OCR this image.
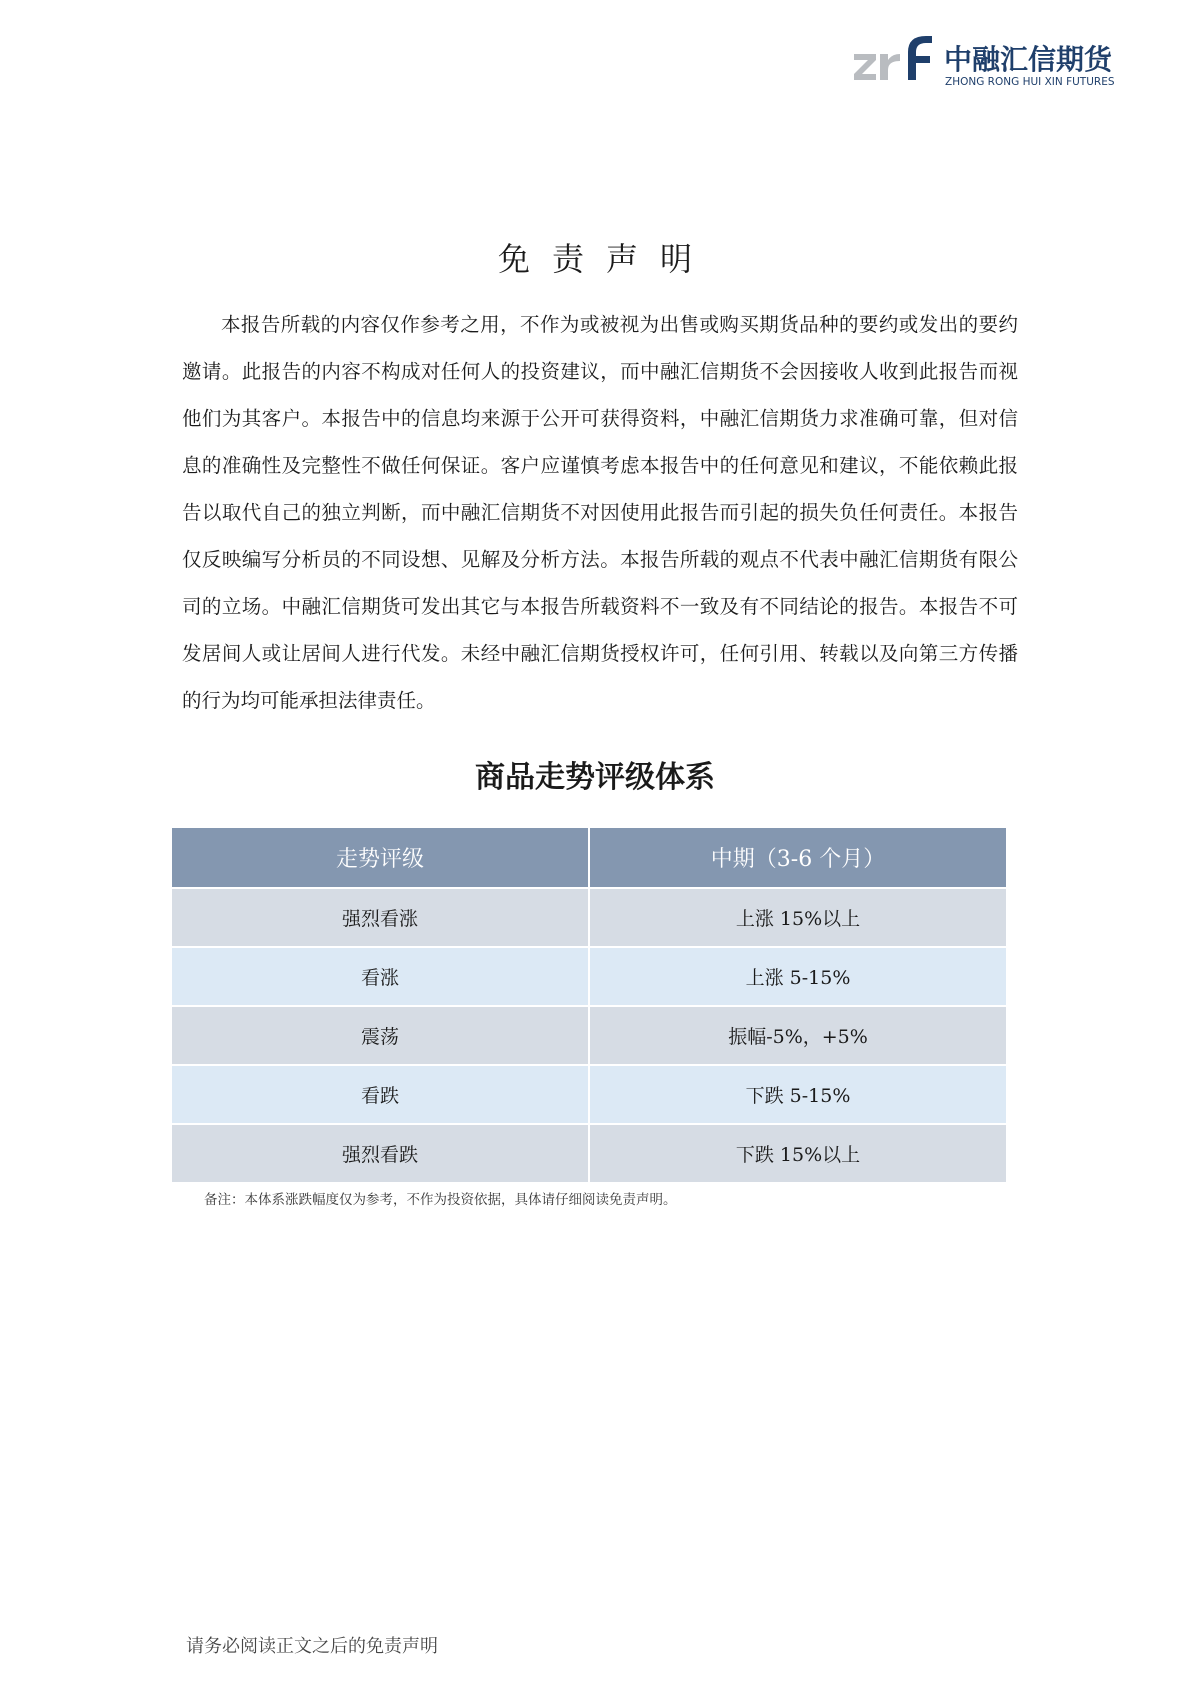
中融汇信期货
ZHONG RONG HUI XIN FUTURES
免责声明

本报告所载的内容仅作参考之用，不作为或被视为出售或购买期货品种的要约或发出的要约邀请。此报告的内容不构成对任何人的投资建议，而中融汇信期货不会因接收人收到此报告而视他们为其客户。本报告中的信息均来源于公开可获得资料，中融汇信期货力求准确可靠，但对信息的准确性及完整性不做任何保证。客户应谨慎考虑本报告中的任何意见和建议，不能依赖此报告以取代自己的独立判断，而中融汇信期货不对因使用此报告而引起的损失负任何责任。本报告仅反映编写分析员的不同设想、见解及分析方法。本报告所载的观点不代表中融汇信期货有限公司的立场。中融汇信期货可发出其它与本报告所载资料不一致及有不同结论的报告。本报告不可发居间人或让居间人进行代发。未经中融汇信期货授权许可，任何引用、转载以及向第三方传播的行为均可能承担法律责任。

商品走势评级体系
走势评级	中期（3-6 个月）
强烈看涨	上涨 15%以上
看涨	上涨 5-15%
震荡	振幅-5%，+5%
看跌	下跌 5-15%
强烈看跌	下跌 15%以上
备注：本体系涨跌幅度仅为参考，不作为投资依据，具体请仔细阅读免责声明。
请务必阅读正文之后的免责声明
